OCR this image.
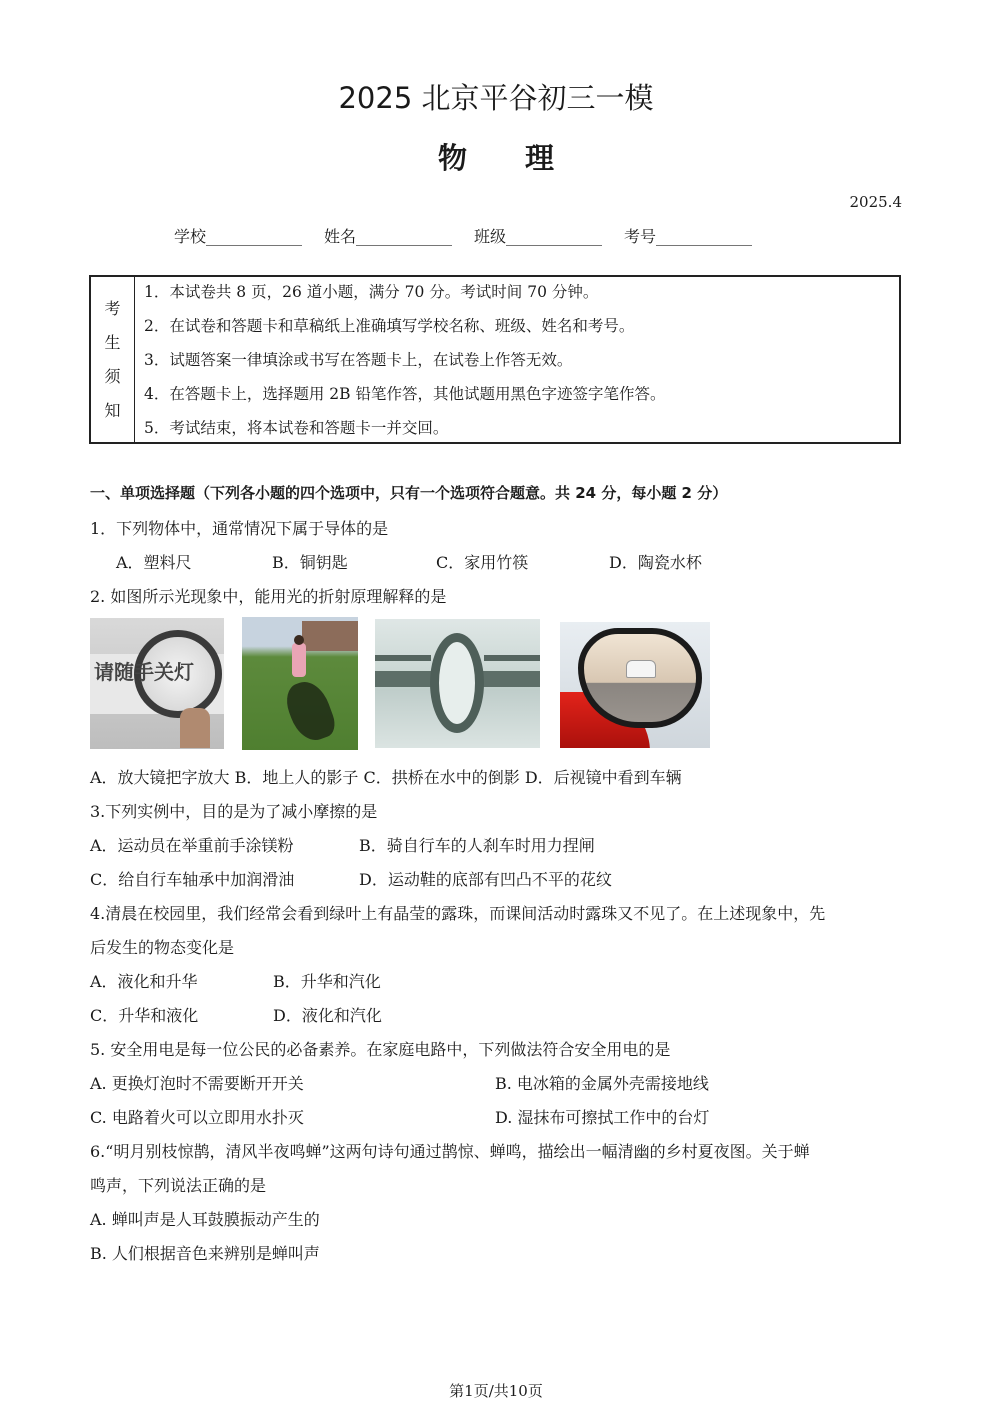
2025 北京平谷初三一模
物理
2025.4
学校____________ 姓名____________ 班级____________ 考号____________
考
生
须
知
1．本试卷共 8 页，26 道小题，满分 70 分。考试时间 70 分钟。
2．在试卷和答题卡和草稿纸上准确填写学校名称、班级、姓名和考号。
3．试题答案一律填涂或书写在答题卡上，在试卷上作答无效。
4．在答题卡上，选择题用 2B 铅笔作答，其他试题用黑色字迹签字笔作答。
5．考试结束，将本试卷和答题卡一并交回。
一、单项选择题（下列各小题的四个选项中，只有一个选项符合题意。共 24 分，每小题 2 分）
1．下列物体中，通常情况下属于导体的是
A．塑料尺	B．铜钥匙	C．家用竹筷	D．陶瓷水杯
2. 如图所示光现象中，能用光的折射原理解释的是
请随手关灯
A．放大镜把字放大 B．地上人的影子 C．拱桥在水中的倒影 D．后视镜中看到车辆
3.下列实例中，目的是为了减小摩擦的是
A．运动员在举重前手涂镁粉	B．骑自行车的人刹车时用力捏闸
C．给自行车轴承中加润滑油	D．运动鞋的底部有凹凸不平的花纹
4.清晨在校园里，我们经常会看到绿叶上有晶莹的露珠，而课间活动时露珠又不见了。在上述现象中，先
后发生的物态变化是
A．液化和升华	B．升华和汽化
C．升华和液化	D．液化和汽化
5. 安全用电是每一位公民的必备素养。在家庭电路中，下列做法符合安全用电的是
A. 更换灯泡时不需要断开开关	B. 电冰箱的金属外壳需接地线
C. 电路着火可以立即用水扑灭	D. 湿抹布可擦拭工作中的台灯
6.“明月别枝惊鹊，清风半夜鸣蝉”这两句诗句通过鹊惊、蝉鸣，描绘出一幅清幽的乡村夏夜图。关于蝉
鸣声，下列说法正确的是
A. 蝉叫声是人耳鼓膜振动产生的
B. 人们根据音色来辨别是蝉叫声
第1页/共10页
